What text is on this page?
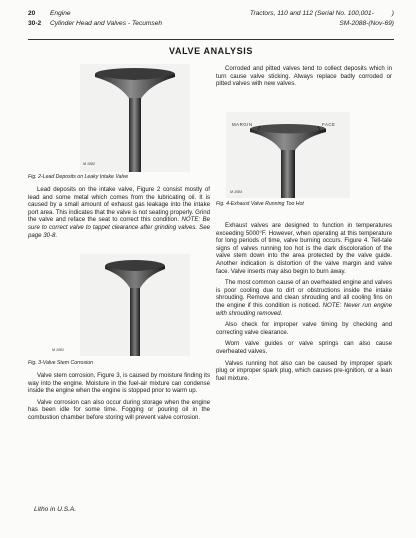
20 Engine
30-2 Cylinder Head and Valves - Tecumseh
Tractors, 110 and 112 (Serial No. 100,001-	)
SM-2088-(Nov-69)
VALVE ANALYSIS
M 1082

Fig. 2-Lead Deposits on Leaky Intake Valve

Lead deposits on the intake valve, Figure 2 consist mostly of lead and some metal which comes from the lubricating oil. It is caused by a small amount of exhaust gas leakage into the intake port area. This indicates that the valve is not seating properly. Grind the valve and reface the seat to correct this condition. NOTE: Be sure to correct valve to tappet clearance after grinding valves. See page 30-8.

M 1081

Fig. 3-Valve Stem Corrosion

Valve stem corrosion, Figure 3, is caused by moisture finding its way into the engine. Moisture in the fuel-air mixture can condense inside the engine when the engine is stopped prior to warm up.

Valve corrosion can also occur during storage when the engine has been idle for some time. Fogging or pouring oil in the combustion chamber before storing will prevent valve corrosion.

Corroded and pitted valves tend to collect deposits which in turn cause valve sticking. Always replace badly corroded or pitted valves with new valves.

MARGIN	FACE
M 1084

Fig. 4-Exhaust Valve Running Too Hot

Exhaust valves are designed to function in temperatures exceeding 5000°F. However, when operating at this temperature for long periods of time, valve burning occurs. Figure 4. Tell-tale signs of valves running too hot is the dark discoloration of the valve stem down into the area protected by the valve guide. Another indication is distortion of the valve margin and valve face. Valve inserts may also begin to burn away.

The most common cause of an overheated engine and valves is poor cooling due to dirt or obstructions inside the intake shrouding. Remove and clean shrouding and all cooling fins on the engine if this condition is noticed. NOTE: Never run engine with shrouding removed.

Also check for improper valve timing by checking and correcting valve clearance.

Worn valve guides or valve springs can also cause overheated valves.

Valves running hot also can be caused by improper spark plug or improper spark plug, which causes pre-ignition, or a lean fuel mixture.

Litho in U.S.A.
